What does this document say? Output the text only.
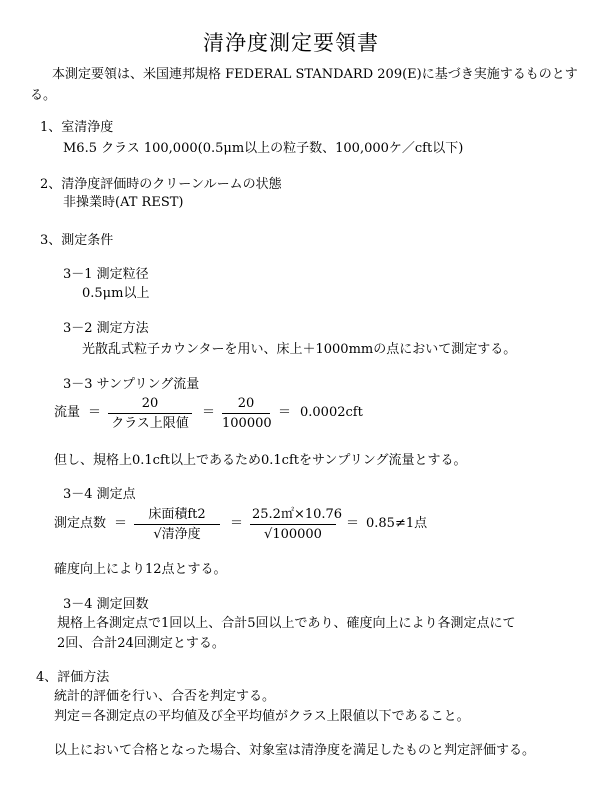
清浄度測定要領書
本測定要領は、米国連邦規格 FEDERAL STANDARD 209(E)に基づき実施するものとす
る。
1、室清浄度
M6.5 クラス 100,000(0.5μm以上の粒子数、100,000ケ／cft以下)
2、清浄度評価時のクリーンルームの状態
非操業時(AT REST)
3、測定条件
3－1 測定粒径
0.5μm以上
3－2 測定方法
光散乱式粒子カウンターを用い、床上＋1000mmの点において測定する。
3－3 サンプリング流量
流量 ＝
20
クラス上限値
＝ $\frac{20}{100000} = 0.0002cft$
但し、規格上0.1cft以上であるため0.1cftをサンプリング流量とする。
3－4 測定点
測定点数 ＝
床面積ft2
√清浄度
＝ $\frac{25.2㎡\times 10.76}{√100000} = 0.85\ne 1$点
確度向上により12点とする。
3－4 測定回数
規格上各測定点で1回以上、合計5回以上であり、確度向上により各測定点にて
2回、合計24回測定とする。
4、評価方法
統計的評価を行い、合否を判定する。
判定＝各測定点の平均値及び全平均値がクラス上限値以下であること。
以上において合格となった場合、対象室は清浄度を満足したものと判定評価する。
